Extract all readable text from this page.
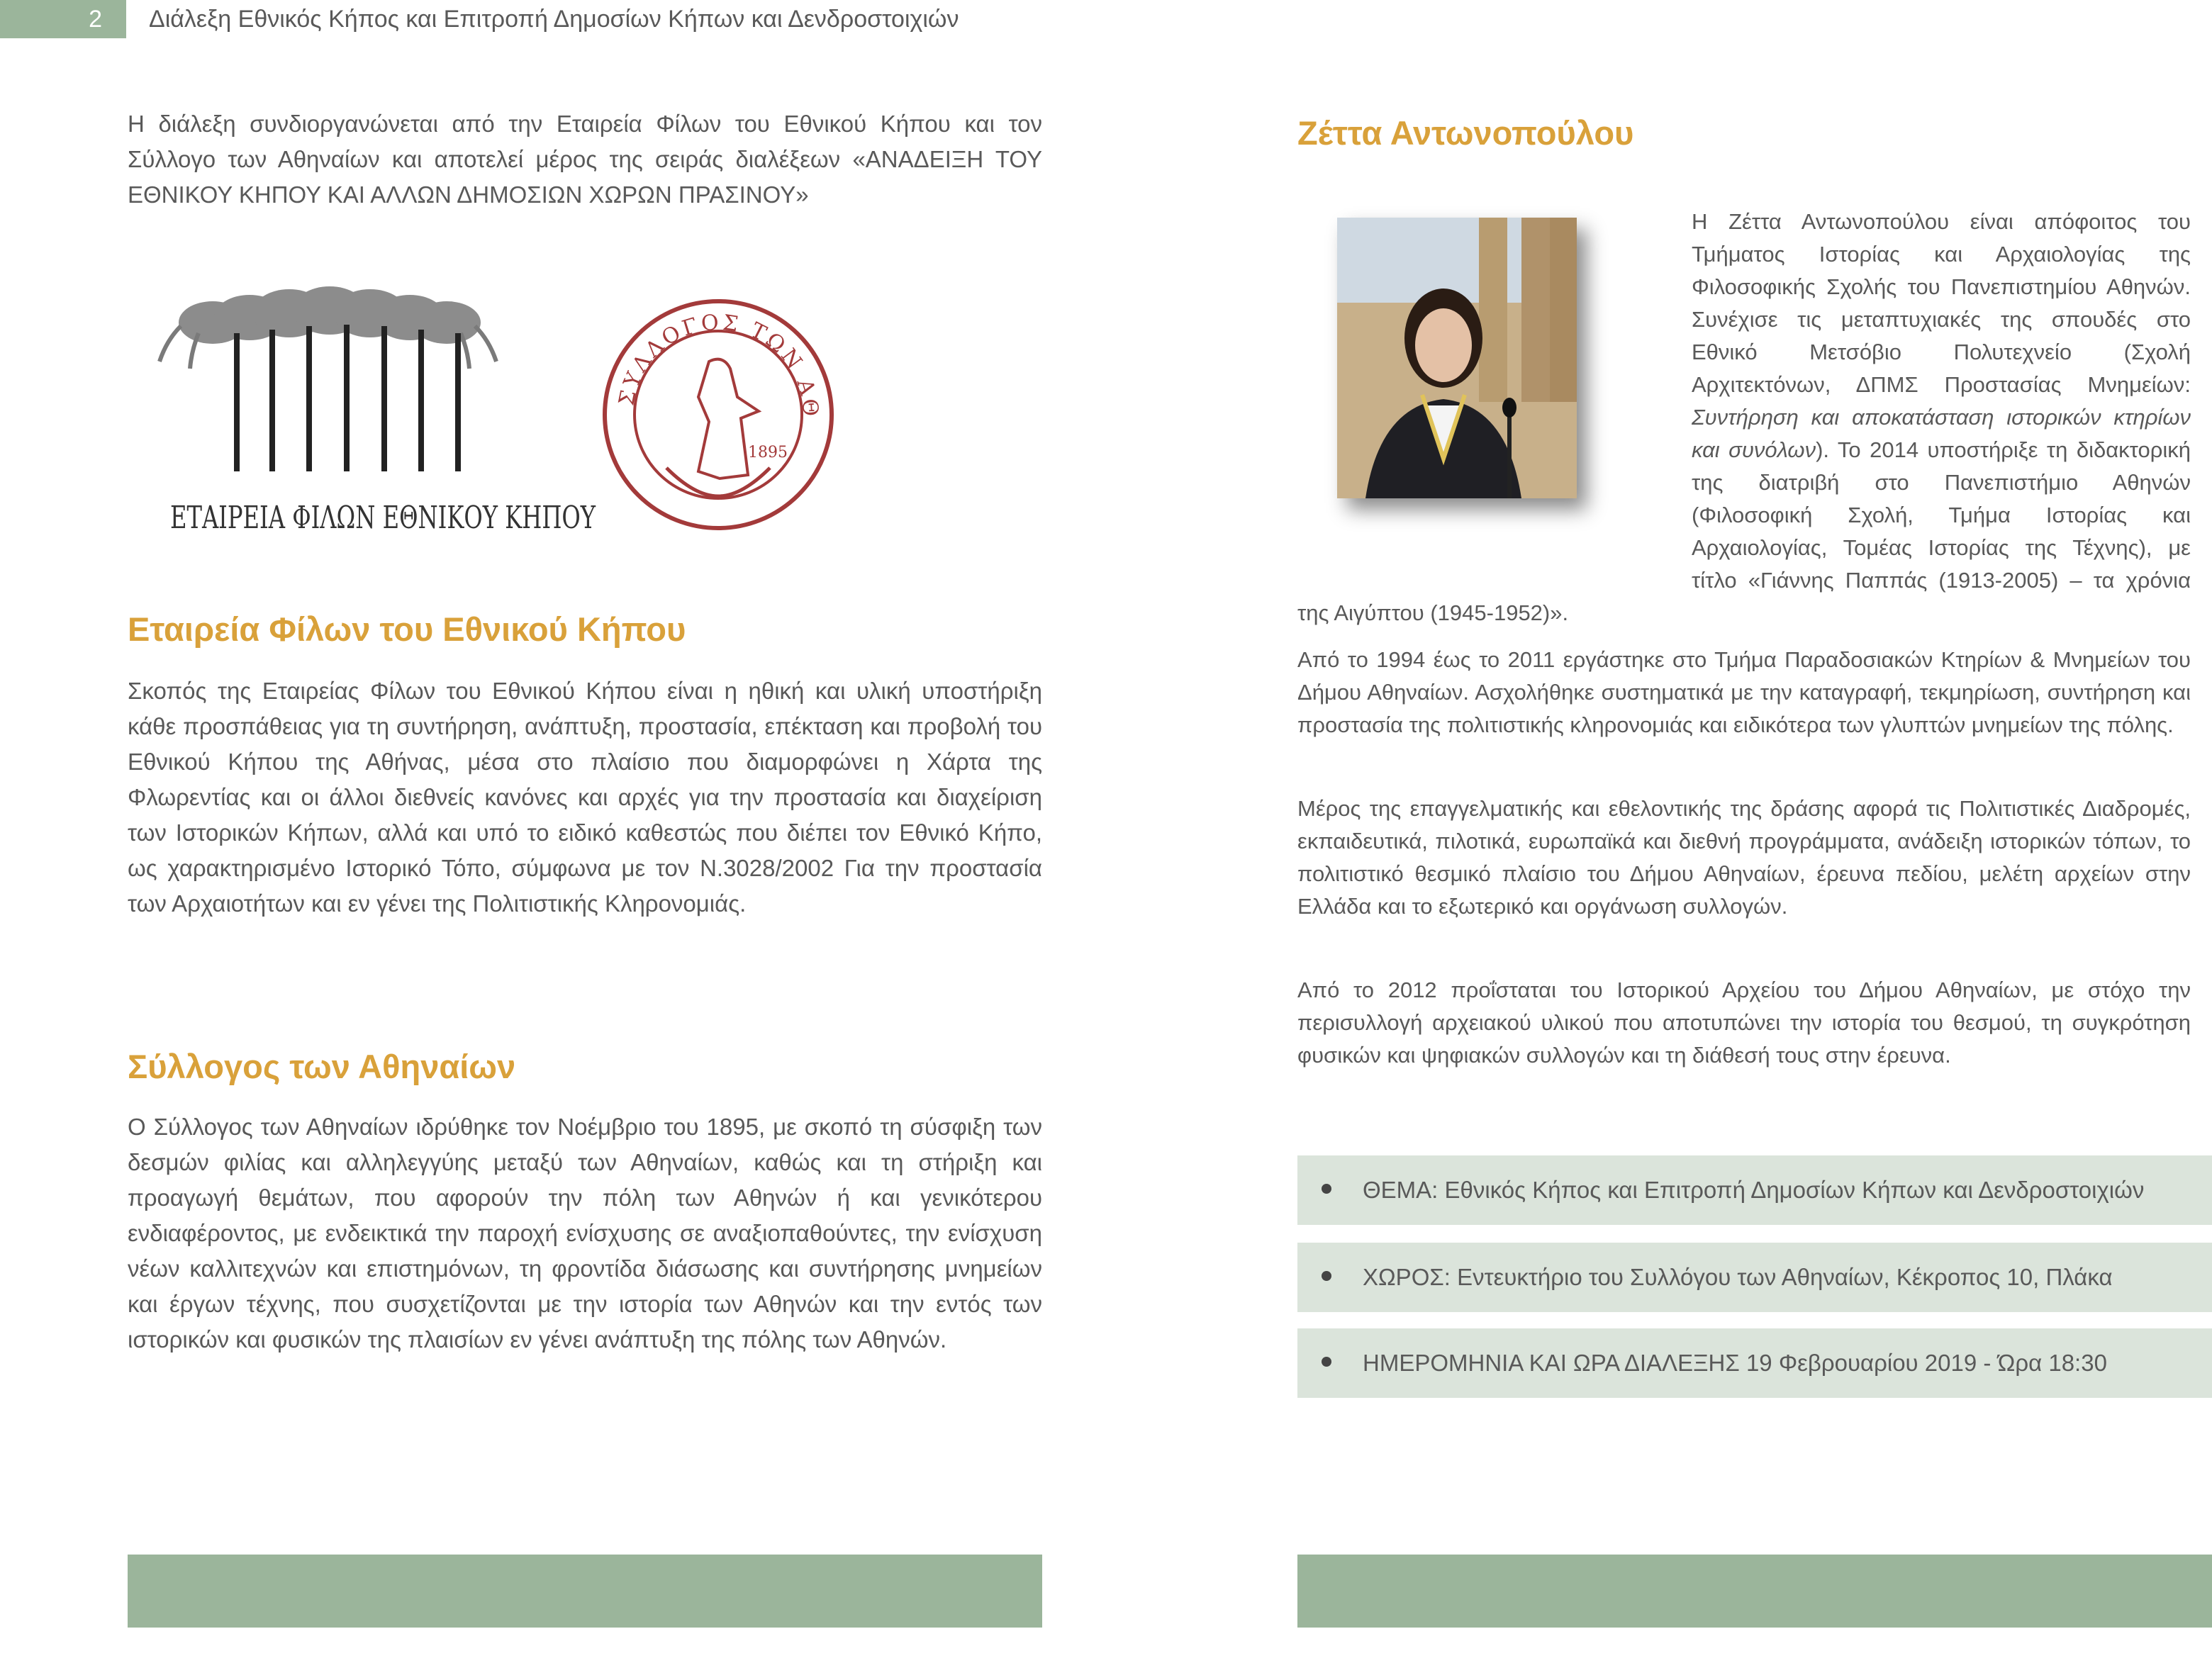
2	Διάλεξη Εθνικός Κήπος και Επιτροπή Δημοσίων Κήπων και Δενδροστοιχιών

Η διάλεξη συνδιοργανώνεται από την Εταιρεία Φίλων του Εθνικού Κήπου και τον Σύλλογο των Αθηναίων και αποτελεί μέρος της σειράς διαλέξεων «ΑΝΑΔΕΙΞΗ ΤΟΥ ΕΘΝΙΚΟΥ ΚΗΠΟΥ ΚΑΙ ΑΛΛΩΝ ΔΗΜΟΣΙΩΝ ΧΩΡΩΝ ΠΡΑΣΙΝΟΥ»

ΕΤΑΙΡΕΙΑ ΦΙΛΩΝ ΕΘΝΙΚΟΥ ΚΗΠΟΥ
ΣΥΛΛΟΓΟΣ ΤΩΝ ΑΘ
1895
Εταιρεία Φίλων του Εθνικού Κήπου

Σκοπός της Εταιρείας Φίλων του Εθνικού Κήπου είναι η ηθική και υλική υποστήριξη κάθε προσπάθειας για τη συντήρηση, ανάπτυξη, προστασία, επέκταση και προβολή του Εθνικού Κήπου της Αθήνας, μέσα στο πλαίσιο που διαμορφώνει η Χάρτα της Φλωρεντίας και οι άλλοι διεθνείς κανόνες και αρχές για την προστασία και διαχείριση των Ιστορικών Κήπων, αλλά και υπό το ειδικό καθεστώς που διέπει τον Εθνικό Κήπο, ως χαρακτηρισμένο Ιστορικό Τόπο, σύμφωνα με τον Ν.3028/2002 Για την προστασία των Αρχαιοτήτων και εν γένει της Πολιτιστικής Κληρονομιάς.

Σύλλογος των Αθηναίων

Ο Σύλλογος των Αθηναίων ιδρύθηκε τον Νοέμβριο του 1895, με σκοπό τη σύσφιξη των δεσμών φιλίας και αλληλεγγύης μεταξύ των Αθηναίων, καθώς και τη στήριξη και προαγωγή θεμάτων, που αφορούν την πόλη των Αθηνών ή και γενικότερου ενδιαφέροντος, με ενδεικτικά την παροχή ενίσχυσης σε αναξιοπαθούντες, την ενίσχυση νέων καλλιτεχνών και επιστημόνων, τη φροντίδα διάσωσης και συντήρησης μνημείων και έργων τέχνης, που συσχετίζονται με την ιστορία των Αθηνών και την εντός των ιστορικών και φυσικών της πλαισίων εν γένει ανάπτυξη της πόλης των Αθηνών.

Ζέττα Αντωνοπούλου

Η Ζέττα Αντωνοπούλου είναι απόφοιτος του Τμήματος Ιστορίας και Αρχαιολογίας της Φιλοσοφικής Σχολής του Πανεπιστημίου Αθηνών. Συνέχισε τις μεταπτυχιακές της σπουδές στο Εθνικό Μετσόβιο Πολυτεχνείο (Σχολή Αρχιτεκτόνων, ΔΠΜΣ Προστασίας Μνημείων: Συντήρηση και αποκατάσταση ιστορικών κτηρίων και συνόλων). Το 2014 υποστήριξε τη διδακτορική της διατριβή στο Πανεπιστήμιο Αθηνών (Φιλοσοφική Σχολή, Τμήμα Ιστορίας και Αρχαιολογίας, Τομέας Ιστορίας της Τέχνης), με τίτλο «Γιάννης Παππάς (1913-2005) – τα χρόνια της Αιγύπτου (1945-1952)».

Από το 1994 έως το 2011 εργάστηκε στο Τμήμα Παραδοσιακών Κτηρίων & Μνημείων του Δήμου Αθηναίων. Ασχολήθηκε συστηματικά με την καταγραφή, τεκμηρίωση, συντήρηση και προστασία της πολιτιστικής κληρονομιάς και ειδικότερα των γλυπτών μνημείων της πόλης.

Μέρος της επαγγελματικής και εθελοντικής της δράσης αφορά τις Πολιτιστικές Διαδρομές, εκπαιδευτικά, πιλοτικά, ευρωπαϊκά και διεθνή προγράμματα, ανάδειξη ιστορικών τόπων, το πολιτιστικό θεσμικό πλαίσιο του Δήμου Αθηναίων, έρευνα πεδίου, μελέτη αρχείων στην Ελλάδα και το εξωτερικό και οργάνωση συλλογών.

Από το 2012 προΐσταται του Ιστορικού Αρχείου του Δήμου Αθηναίων, με στόχο την περισυλλογή αρχειακού υλικού που αποτυπώνει την ιστορία του θεσμού, τη συγκρότηση φυσικών και ψηφιακών συλλογών και τη διάθεσή τους στην έρευνα.

ΘΕΜΑ: Εθνικός Κήπος και Επιτροπή Δημοσίων Κήπων και Δενδροστοιχιών
ΧΩΡΟΣ: Εντευκτήριο του Συλλόγου των Αθηναίων, Κέκροπος 10, Πλάκα
ΗΜΕΡΟΜΗΝΙΑ ΚΑΙ ΩΡΑ ΔΙΑΛΕΞΗΣ 19 Φεβρουαρίου 2019 - Ώρα 18:30
